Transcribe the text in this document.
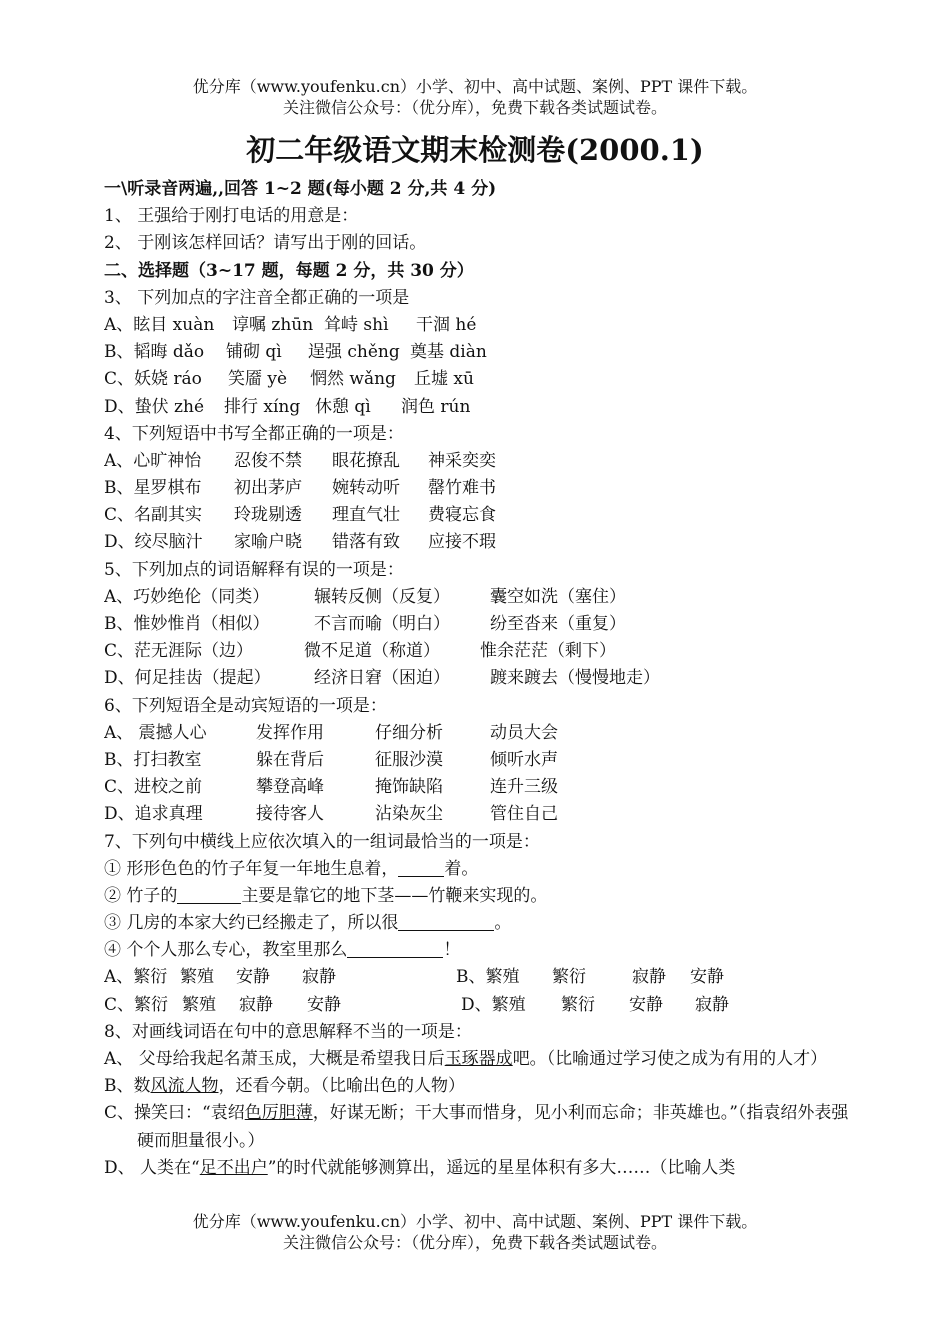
优分库（www.youfenku.cn）小学、初中、高中试题、案例、PPT 课件下载。
关注微信公众号：（优分库），免费下载各类试题试卷。
初二年级语文期末检测卷(2000.1)
一\听录音两遍,,回答 1~2 题(每小题 2 分,共 4 分)
1、 王强给于刚打电话的用意是：
2、 于刚该怎样回话？请写出于刚的回话。
二、选择题（3~17 题，每题 2 分，共 30 分）
3、 下列加点的字注音全都正确的一项是
A、眩目 xuàn	谆嘱 zhūn 耸峙 shì	干涸 hé
B、韬晦 dǎo	铺砌 qì	逞强 chěng 奠基 diàn
C、妖娆 ráo	笑靥 yè	惘然 wǎng	丘墟 xū
D、蛰伏 zhé	排行 xíng 休憩 qì	润色 rún
4、下列短语中书写全都正确的一项是：
A、心旷神怡	忍俊不禁	眼花撩乱	神采奕奕
B、星罗棋布	初出茅庐	婉转动听	罄竹难书
C、名副其实	玲珑剔透	理直气壮	费寝忘食
D、绞尽脑汁	家喻户晓	错落有致	应接不瑕
5、下列加点的词语解释有误的一项是：
A、巧妙绝伦（同类）	辗转反侧（反复）	囊空如洗（塞住）
B、惟妙惟肖（相似）	不言而喻（明白）	纷至沓来（重复）
C、茫无涯际（边）	微不足道（称道）	惟余茫茫（剩下）
D、何足挂齿（提起）	经济日窘（困迫）	踱来踱去（慢慢地走）
6、下列短语全是动宾短语的一项是：
A、 震撼人心	发挥作用	仔细分析	动员大会
B、打扫教室	躲在背后	征服沙漠	倾听水声
C、进校之前	攀登高峰	掩饰缺陷	连升三级
D、追求真理	接待客人	沾染灰尘	管住自己
7、下列句中横线上应依次填入的一组词最恰当的一项是：
① 形形色色的竹子年复一年地生息着，	着。
② 竹子的	主要是靠它的地下茎——竹鞭来实现的。
③ 几房的本家大约已经搬走了，所以很	。
④ 个个人那么专心，教室里那么	！
A、繁衍 繁殖	安静	寂静	B、繁殖	繁衍	寂静	安静
C、繁衍 繁殖	寂静	安静	D、繁殖	繁衍	安静	寂静
8、对画线词语在句中的意思解释不当的一项是：
A、 父母给我起名萧玉成，大概是希望我日后玉琢器成吧。（比喻通过学习使之成为有用的人才）
B、数风流人物，还看今朝。（比喻出色的人物）
C、操笑曰：“袁绍色厉胆薄，好谋无断；干大事而惜身，见小利而忘命；非英雄也。”（指袁绍外表强硬而胆量很小。）
D、 人类在“足不出户”的时代就能够测算出，遥远的星星体积有多大……（比喻人类
优分库（www.youfenku.cn）小学、初中、高中试题、案例、PPT 课件下载。
关注微信公众号：（优分库），免费下载各类试题试卷。
